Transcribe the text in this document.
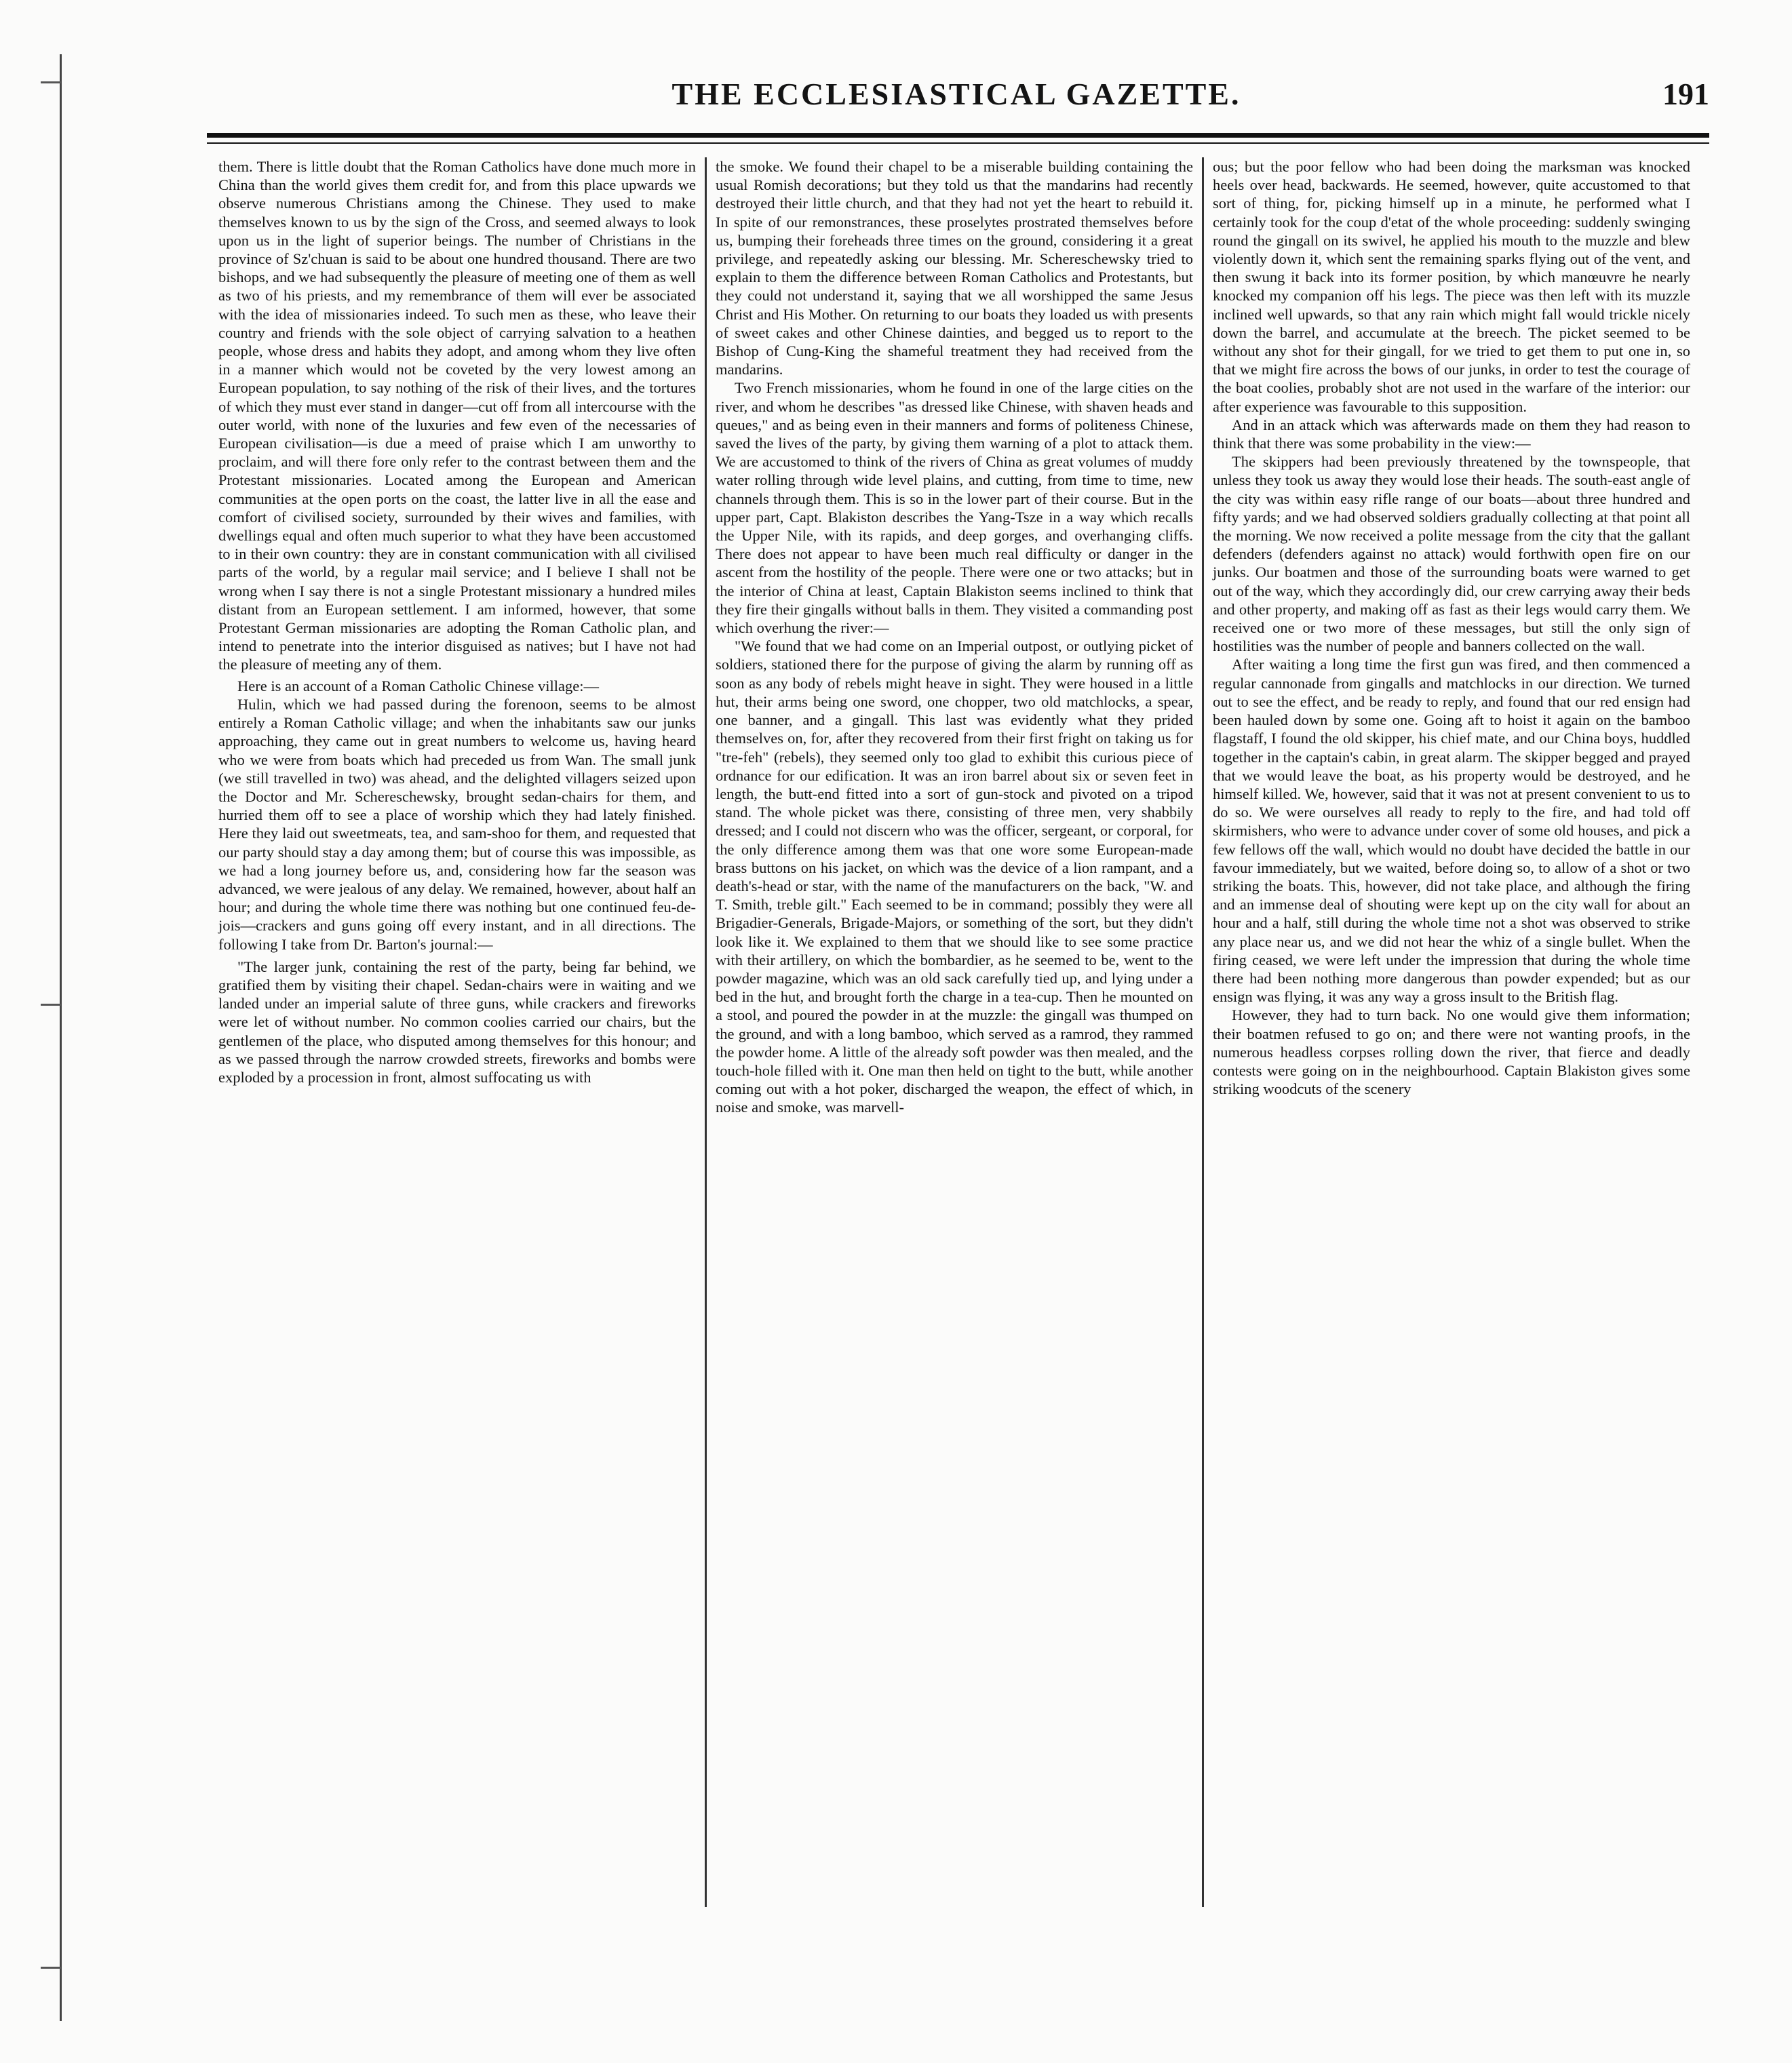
THE ECCLESIASTICAL GAZETTE.	191

them. There is little doubt that the Roman Catholics have done much more in China than the world gives them credit for, and from this place upwards we observe numerous Christians among the Chinese. They used to make themselves known to us by the sign of the Cross, and seemed always to look upon us in the light of superior beings. The number of Christians in the province of Sz'chuan is said to be about one hundred thousand. There are two bishops, and we had subsequently the pleasure of meeting one of them as well as two of his priests, and my remembrance of them will ever be associated with the idea of missionaries indeed. To such men as these, who leave their country and friends with the sole object of carrying salvation to a heathen people, whose dress and habits they adopt, and among whom they live often in a manner which would not be coveted by the very lowest among an European population, to say nothing of the risk of their lives, and the tortures of which they must ever stand in danger—cut off from all intercourse with the outer world, with none of the luxuries and few even of the necessaries of European civilisation—is due a meed of praise which I am unworthy to proclaim, and will there fore only refer to the contrast between them and the Protestant missionaries. Located among the European and American communities at the open ports on the coast, the latter live in all the ease and comfort of civilised society, surrounded by their wives and families, with dwellings equal and often much superior to what they have been accustomed to in their own country: they are in constant communication with all civilised parts of the world, by a regular mail service; and I believe I shall not be wrong when I say there is not a single Protestant missionary a hundred miles distant from an European settlement. I am informed, however, that some Protestant German missionaries are adopting the Roman Catholic plan, and intend to penetrate into the interior disguised as natives; but I have not had the pleasure of meeting any of them.

Here is an account of a Roman Catholic Chinese village:—

Hulin, which we had passed during the forenoon, seems to be almost entirely a Roman Catholic village; and when the inhabitants saw our junks approaching, they came out in great numbers to welcome us, having heard who we were from boats which had preceded us from Wan. The small junk (we still travelled in two) was ahead, and the delighted villagers seized upon the Doctor and Mr. Schereschewsky, brought sedan-chairs for them, and hurried them off to see a place of worship which they had lately finished. Here they laid out sweetmeats, tea, and sam-shoo for them, and requested that our party should stay a day among them; but of course this was impossible, as we had a long journey before us, and, considering how far the season was advanced, we were jealous of any delay. We remained, however, about half an hour; and during the whole time there was nothing but one continued feu-de-jois—crackers and guns going off every instant, and in all directions. The following I take from Dr. Barton's journal:—

"The larger junk, containing the rest of the party, being far behind, we gratified them by visiting their chapel. Sedan-chairs were in waiting and we landed under an imperial salute of three guns, while crackers and fireworks were let of without number. No common coolies carried our chairs, but the gentlemen of the place, who disputed among themselves for this honour; and as we passed through the narrow crowded streets, fireworks and bombs were exploded by a procession in front, almost suffocating us with

the smoke. We found their chapel to be a miserable building containing the usual Romish decorations; but they told us that the mandarins had recently destroyed their little church, and that they had not yet the heart to rebuild it. In spite of our remonstrances, these proselytes prostrated themselves before us, bumping their foreheads three times on the ground, considering it a great privilege, and repeatedly asking our blessing. Mr. Schereschewsky tried to explain to them the difference between Roman Catholics and Protestants, but they could not understand it, saying that we all worshipped the same Jesus Christ and His Mother. On returning to our boats they loaded us with presents of sweet cakes and other Chinese dainties, and begged us to report to the Bishop of Cung-King the shameful treatment they had received from the mandarins.

Two French missionaries, whom he found in one of the large cities on the river, and whom he describes "as dressed like Chinese, with shaven heads and queues," and as being even in their manners and forms of politeness Chinese, saved the lives of the party, by giving them warning of a plot to attack them. We are accustomed to think of the rivers of China as great volumes of muddy water rolling through wide level plains, and cutting, from time to time, new channels through them. This is so in the lower part of their course. But in the upper part, Capt. Blakiston describes the Yang-Tsze in a way which recalls the Upper Nile, with its rapids, and deep gorges, and overhanging cliffs. There does not appear to have been much real difficulty or danger in the ascent from the hostility of the people. There were one or two attacks; but in the interior of China at least, Captain Blakiston seems inclined to think that they fire their gingalls without balls in them. They visited a commanding post which overhung the river:—

"We found that we had come on an Imperial outpost, or outlying picket of soldiers, stationed there for the purpose of giving the alarm by running off as soon as any body of rebels might heave in sight. They were housed in a little hut, their arms being one sword, one chopper, two old matchlocks, a spear, one banner, and a gingall. This last was evidently what they prided themselves on, for, after they recovered from their first fright on taking us for "tre-feh" (rebels), they seemed only too glad to exhibit this curious piece of ordnance for our edification. It was an iron barrel about six or seven feet in length, the butt-end fitted into a sort of gun-stock and pivoted on a tripod stand. The whole picket was there, consisting of three men, very shabbily dressed; and I could not discern who was the officer, sergeant, or corporal, for the only difference among them was that one wore some European-made brass buttons on his jacket, on which was the device of a lion rampant, and a death's-head or star, with the name of the manufacturers on the back, "W. and T. Smith, treble gilt." Each seemed to be in command; possibly they were all Brigadier-Generals, Brigade-Majors, or something of the sort, but they didn't look like it. We explained to them that we should like to see some practice with their artillery, on which the bombardier, as he seemed to be, went to the powder magazine, which was an old sack carefully tied up, and lying under a bed in the hut, and brought forth the charge in a tea-cup. Then he mounted on a stool, and poured the powder in at the muzzle: the gingall was thumped on the ground, and with a long bamboo, which served as a ramrod, they rammed the powder home. A little of the already soft powder was then mealed, and the touch-hole filled with it. One man then held on tight to the butt, while another coming out with a hot poker, discharged the weapon, the effect of which, in noise and smoke, was marvell-

ous; but the poor fellow who had been doing the marksman was knocked heels over head, backwards. He seemed, however, quite accustomed to that sort of thing, for, picking himself up in a minute, he performed what I certainly took for the coup d'etat of the whole proceeding: suddenly swinging round the gingall on its swivel, he applied his mouth to the muzzle and blew violently down it, which sent the remaining sparks flying out of the vent, and then swung it back into its former position, by which manœuvre he nearly knocked my companion off his legs. The piece was then left with its muzzle inclined well upwards, so that any rain which might fall would trickle nicely down the barrel, and accumulate at the breech. The picket seemed to be without any shot for their gingall, for we tried to get them to put one in, so that we might fire across the bows of our junks, in order to test the courage of the boat coolies, probably shot are not used in the warfare of the interior: our after experience was favourable to this supposition.

And in an attack which was afterwards made on them they had reason to think that there was some probability in the view:—

The skippers had been previously threatened by the townspeople, that unless they took us away they would lose their heads. The south-east angle of the city was within easy rifle range of our boats—about three hundred and fifty yards; and we had observed soldiers gradually collecting at that point all the morning. We now received a polite message from the city that the gallant defenders (defenders against no attack) would forthwith open fire on our junks. Our boatmen and those of the surrounding boats were warned to get out of the way, which they accordingly did, our crew carrying away their beds and other property, and making off as fast as their legs would carry them. We received one or two more of these messages, but still the only sign of hostilities was the number of people and banners collected on the wall.

After waiting a long time the first gun was fired, and then commenced a regular cannonade from gingalls and matchlocks in our direction. We turned out to see the effect, and be ready to reply, and found that our red ensign had been hauled down by some one. Going aft to hoist it again on the bamboo flagstaff, I found the old skipper, his chief mate, and our China boys, huddled together in the captain's cabin, in great alarm. The skipper begged and prayed that we would leave the boat, as his property would be destroyed, and he himself killed. We, however, said that it was not at present convenient to us to do so. We were ourselves all ready to reply to the fire, and had told off skirmishers, who were to advance under cover of some old houses, and pick a few fellows off the wall, which would no doubt have decided the battle in our favour immediately, but we waited, before doing so, to allow of a shot or two striking the boats. This, however, did not take place, and although the firing and an immense deal of shouting were kept up on the city wall for about an hour and a half, still during the whole time not a shot was observed to strike any place near us, and we did not hear the whiz of a single bullet. When the firing ceased, we were left under the impression that during the whole time there had been nothing more dangerous than powder expended; but as our ensign was flying, it was any way a gross insult to the British flag.

However, they had to turn back. No one would give them information; their boatmen refused to go on; and there were not wanting proofs, in the numerous headless corpses rolling down the river, that fierce and deadly contests were going on in the neighbourhood. Captain Blakiston gives some striking woodcuts of the scenery
